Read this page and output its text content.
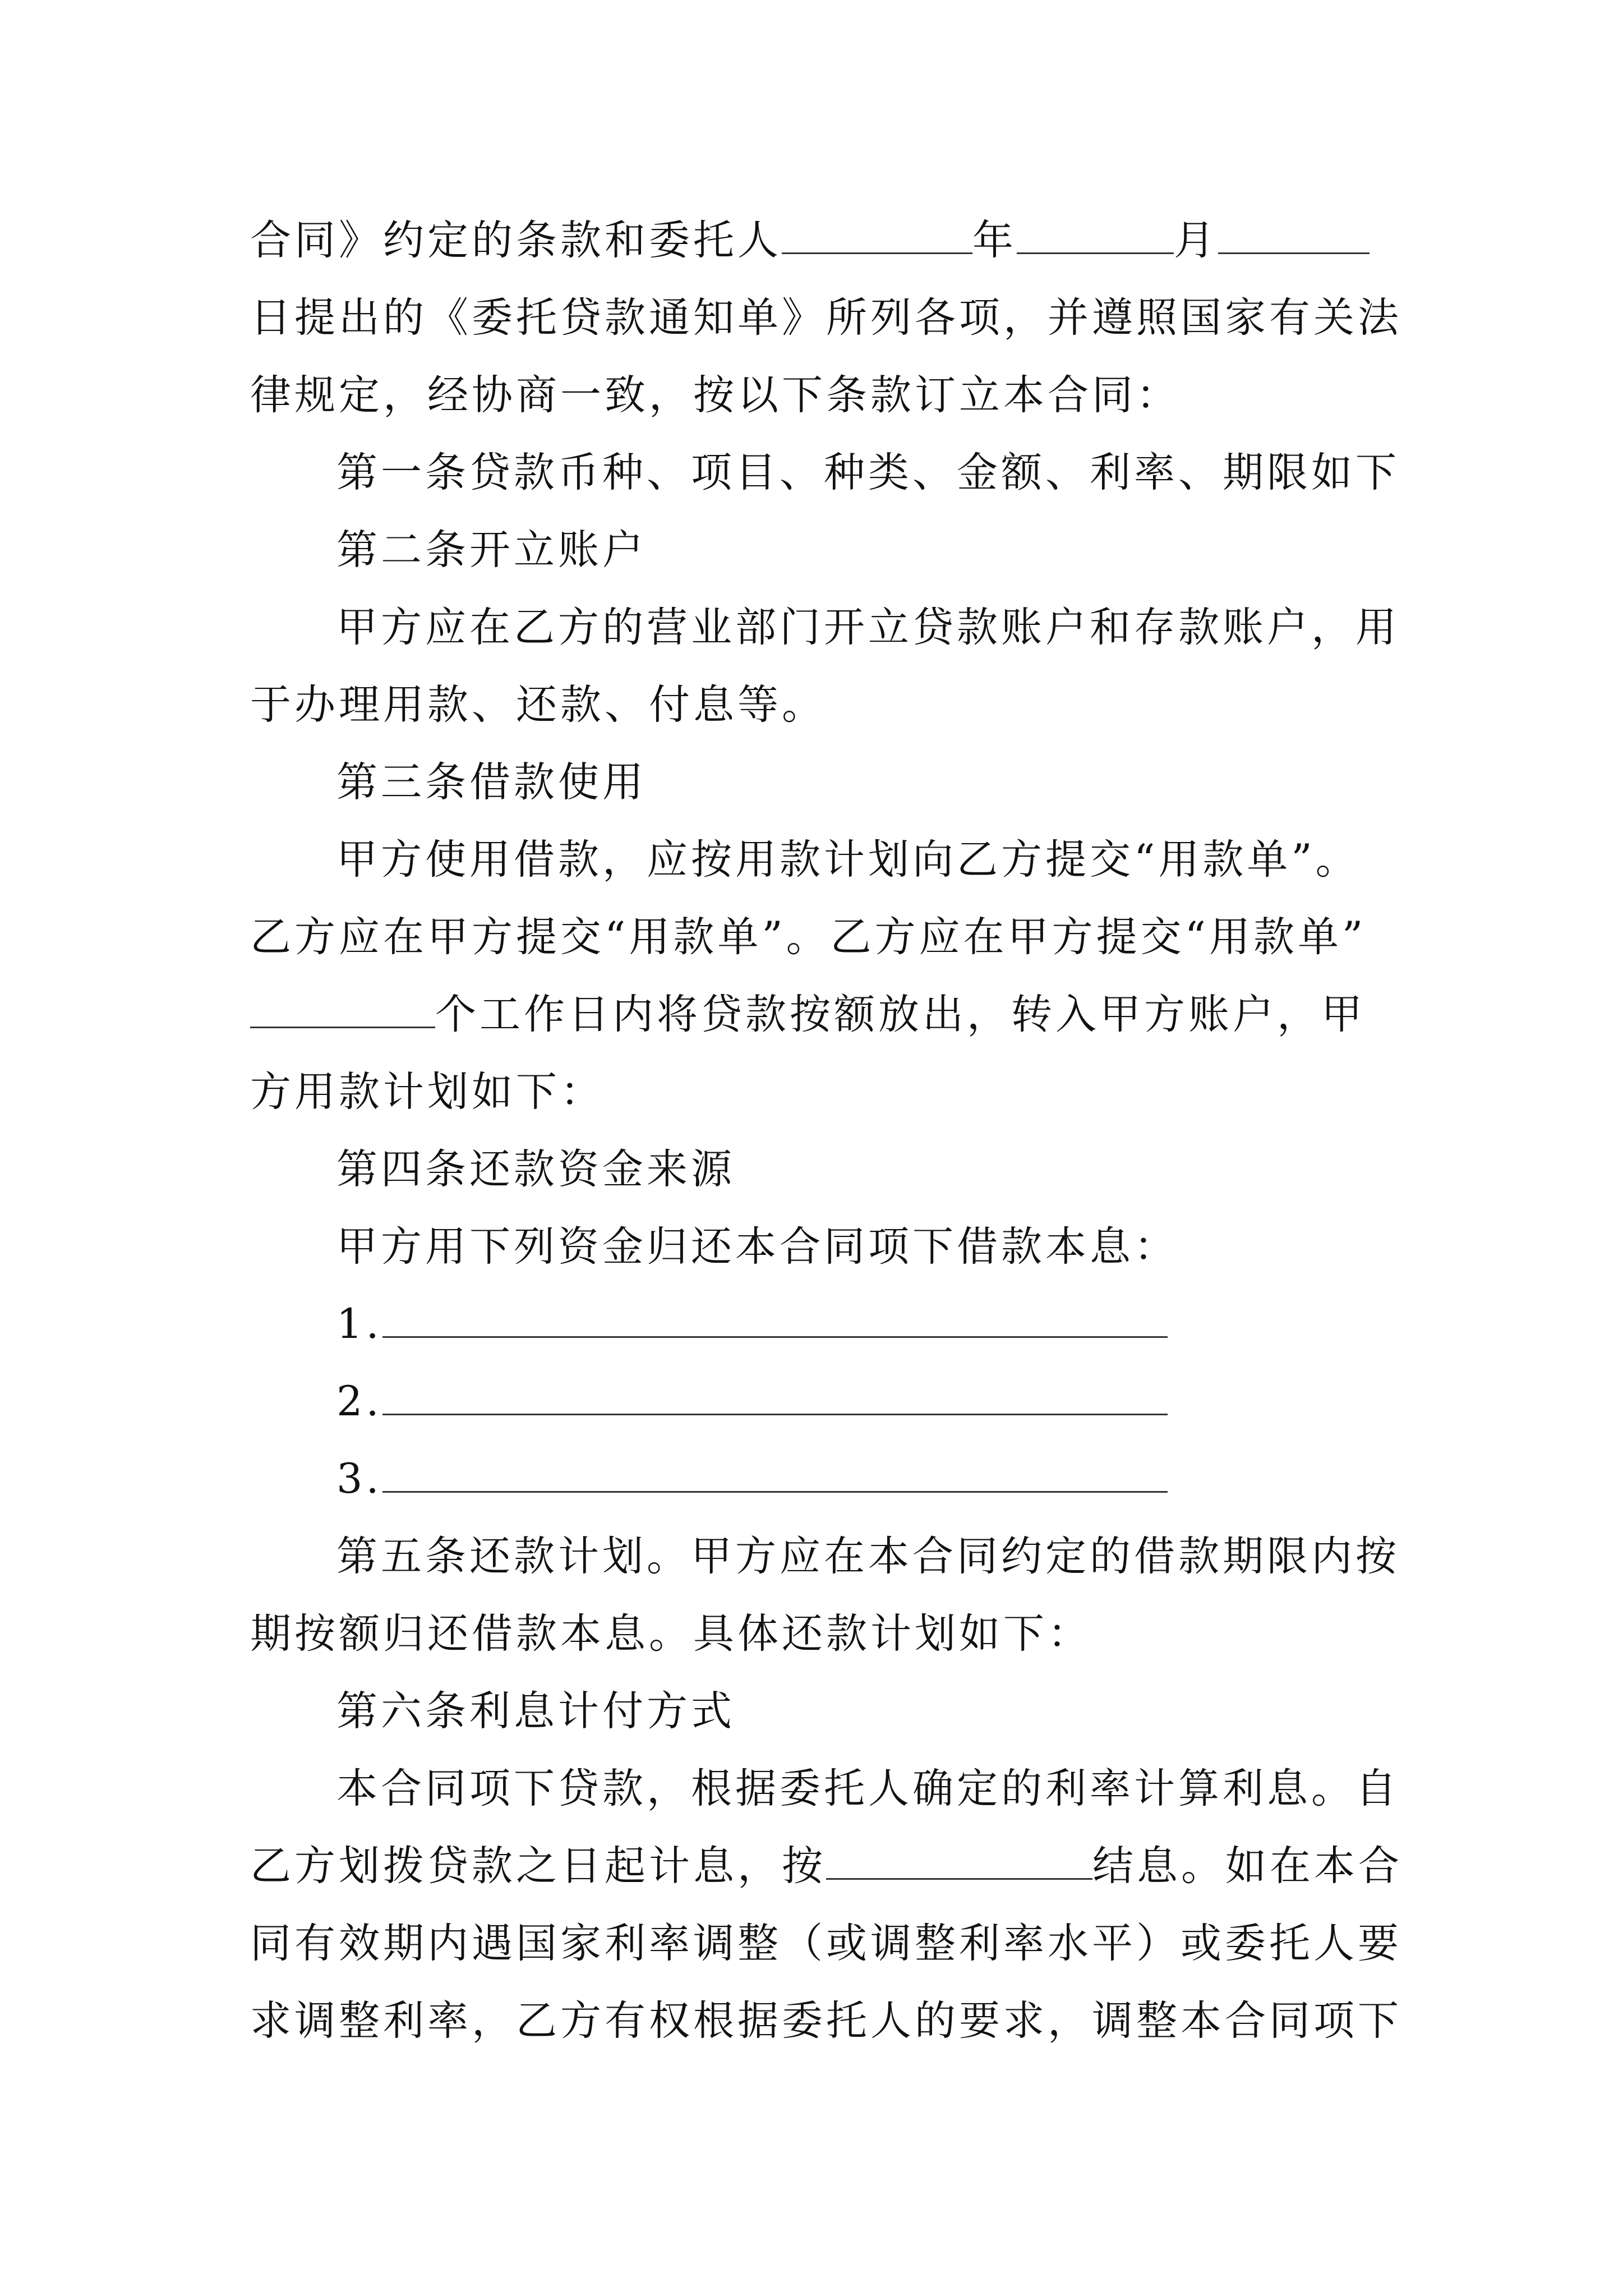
合同》约定的条款和委托人	年	月
日提出的《委托贷款通知单》所列各项，并遵照国家有关法
律规定，经协商一致，按以下条款订立本合同：
第一条贷款币种、项目、种类、金额、利率、期限如下
第二条开立账户
甲方应在乙方的营业部门开立贷款账户和存款账户，用
于办理用款、还款、付息等。
第三条借款使用
甲方使用借款，应按用款计划向乙方提交“用款单”。
乙方应在甲方提交“用款单”。乙方应在甲方提交“用款单”
个工作日内将贷款按额放出，转入甲方账户，甲
方用款计划如下：
第四条还款资金来源
甲方用下列资金归还本合同项下借款本息：
1.
2.
3.
第五条还款计划。甲方应在本合同约定的借款期限内按
期按额归还借款本息。具体还款计划如下：
第六条利息计付方式
本合同项下贷款，根据委托人确定的利率计算利息。自
乙方划拨贷款之日起计息，按	结息。如在本合
同有效期内遇国家利率调整（或调整利率水平）或委托人要
求调整利率，乙方有权根据委托人的要求，调整本合同项下
